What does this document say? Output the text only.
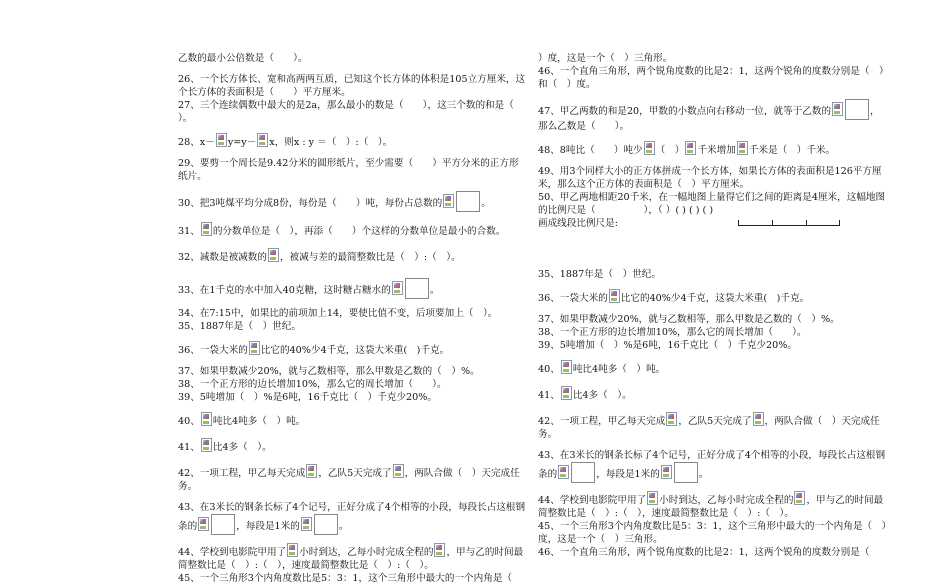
乙数的最小公倍数是（　　）。

26、一个长方体长、宽和高两两互质，已知这个长方体的体积是105立方厘米，这个长方体的表面积是（　　）平方厘米。

27、三个连续偶数中最大的是2a，那么最小的数是（　　），这三个数的和是（　　）。

28、x－ y=y－ x，则x : y ＝（　）:（　）。

29、要剪一个周长是9.42分米的圆形纸片，至少需要（　　）平方分米的正方形纸片。

30、把3吨煤平均分成8份，每份是（　　）吨，每份占总数的	。

31、 的分数单位是（　），再添（　　）个这样的分数单位是最小的合数。

32、减数是被减数的 ，被减与差的最简整数比是（　）:（　）。

33、在1千克的水中加入40克糖，这时糖占糖水的	。

34、在7:15中，如果比的前项加上14，要使比值不变，后项要加上（　）。

35、1887年是（　）世纪。

36、一袋大米的 比它的40%少4千克，这袋大米重(　)千克。

37、如果甲数减少20%，就与乙数相等，那么甲数是乙数的（　）%。

38、一个正方形的边长增加10%，那么它的周长增加（　　）。

39、5吨增加（　）%是6吨，16千克比（　）千克少20%。

40、 吨比4吨多（　）吨。

41、 比4多（　）。

42、一项工程，甲乙每天完成 ，乙队5天完成了 ，两队合做（　）天完成任务。

43、在3米长的钢条长标了4个记号，正好分成了4个相等的小段，每段长占这根钢条的	，每段是1米的	。

44、学校到电影院甲用了 小时到达，乙每小时完成全程的 ，甲与乙的时间最简整数比是（　）:（　），速度最简整数比是（　）:（　）。

45、一个三角形3个内角度数比是5：3：1，这个三角形中最大的一个内角是（

）度，这是一个（　）三角形。

46、一个直角三角形，两个锐角度数的比是2：1，这两个锐角的度数分别是（　）和（　）度。

47、甲乙两数的和是20，甲数的小数点向右移动一位，就等于乙数的	，那么乙数是（　　）。

48、8吨比（　　）吨少 （　） 千米增加 千米是（　）千米。

49、用3个同样大小的正方体拼成一个长方体，如果长方体的表面积是126平方厘米，那么这个正方体的表面积是（　）平方厘米。

50、甲乙两地相距20千米，在一幅地图上量得它们之间的距离是4厘米，这幅地图的比例尺是（　　　　　），（ ）( ) ( ) ( )

画成线段比例尺是:

35、1887年是（　）世纪。

36、一袋大米的 比它的40%少4千克，这袋大米重(　)千克。

37、如果甲数减少20%，就与乙数相等，那么甲数是乙数的（　）%。

38、一个正方形的边长增加10%，那么它的周长增加（　　）。

39、5吨增加（　）%是6吨，16千克比（　）千克少20%。

40、 吨比4吨多（　）吨。

41、 比4多（　）。

42、一项工程，甲乙每天完成 ，乙队5天完成了 ，两队合做（　）天完成任务。

43、在3米长的钢条长标了4个记号，正好分成了4个相等的小段，每段长占这根钢条的	，每段是1米的	。

44、学校到电影院甲用了 小时到达，乙每小时完成全程的 ，甲与乙的时间最简整数比是（　）:（　），速度最简整数比是（　）:（　）。

45、一个三角形3个内角度数比是5：3：1，这个三角形中最大的一个内角是（　）度，这是一个（　）三角形。

46、一个直角三角形，两个锐角度数的比是2：1，这两个锐角的度数分别是（
